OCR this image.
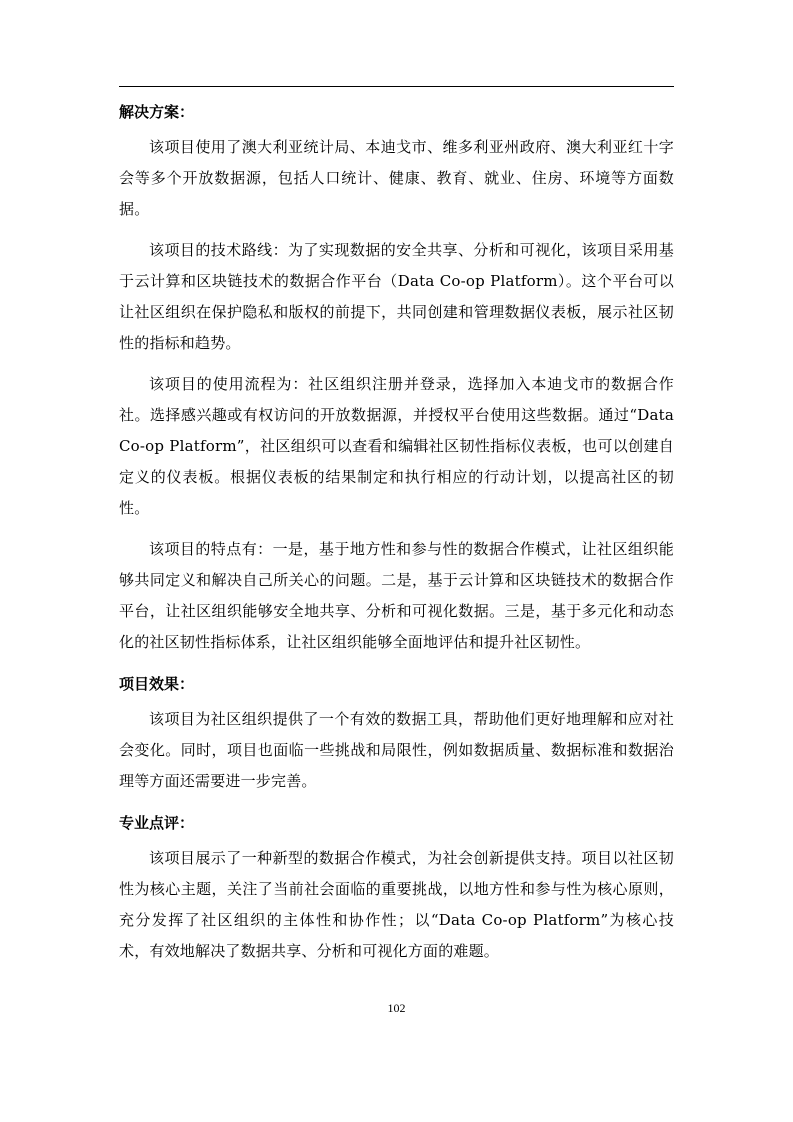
解决方案：

该项目使用了澳大利亚统计局、本迪戈市、维多利亚州政府、澳大利亚红十字会等多个开放数据源，包括人口统计、健康、教育、就业、住房、环境等方面数据。

该项目的技术路线：为了实现数据的安全共享、分析和可视化，该项目采用基于云计算和区块链技术的数据合作平台（Data Co-op Platform）。这个平台可以让社区组织在保护隐私和版权的前提下，共同创建和管理数据仪表板，展示社区韧性的指标和趋势。

该项目的使用流程为：社区组织注册并登录，选择加入本迪戈市的数据合作社。选择感兴趣或有权访问的开放数据源，并授权平台使用这些数据。通过“Data Co-op Platform”，社区组织可以查看和编辑社区韧性指标仪表板，也可以创建自定义的仪表板。根据仪表板的结果制定和执行相应的行动计划，以提高社区的韧性。

该项目的特点有：一是，基于地方性和参与性的数据合作模式，让社区组织能够共同定义和解决自己所关心的问题。二是，基于云计算和区块链技术的数据合作平台，让社区组织能够安全地共享、分析和可视化数据。三是，基于多元化和动态化的社区韧性指标体系，让社区组织能够全面地评估和提升社区韧性。

项目效果：

该项目为社区组织提供了一个有效的数据工具，帮助他们更好地理解和应对社会变化。同时，项目也面临一些挑战和局限性，例如数据质量、数据标准和数据治理等方面还需要进一步完善。

专业点评：

该项目展示了一种新型的数据合作模式，为社会创新提供支持。项目以社区韧性为核心主题，关注了当前社会面临的重要挑战，以地方性和参与性为核心原则，充分发挥了社区组织的主体性和协作性；以“Data Co-op Platform”为核心技术，有效地解决了数据共享、分析和可视化方面的难题。

102
